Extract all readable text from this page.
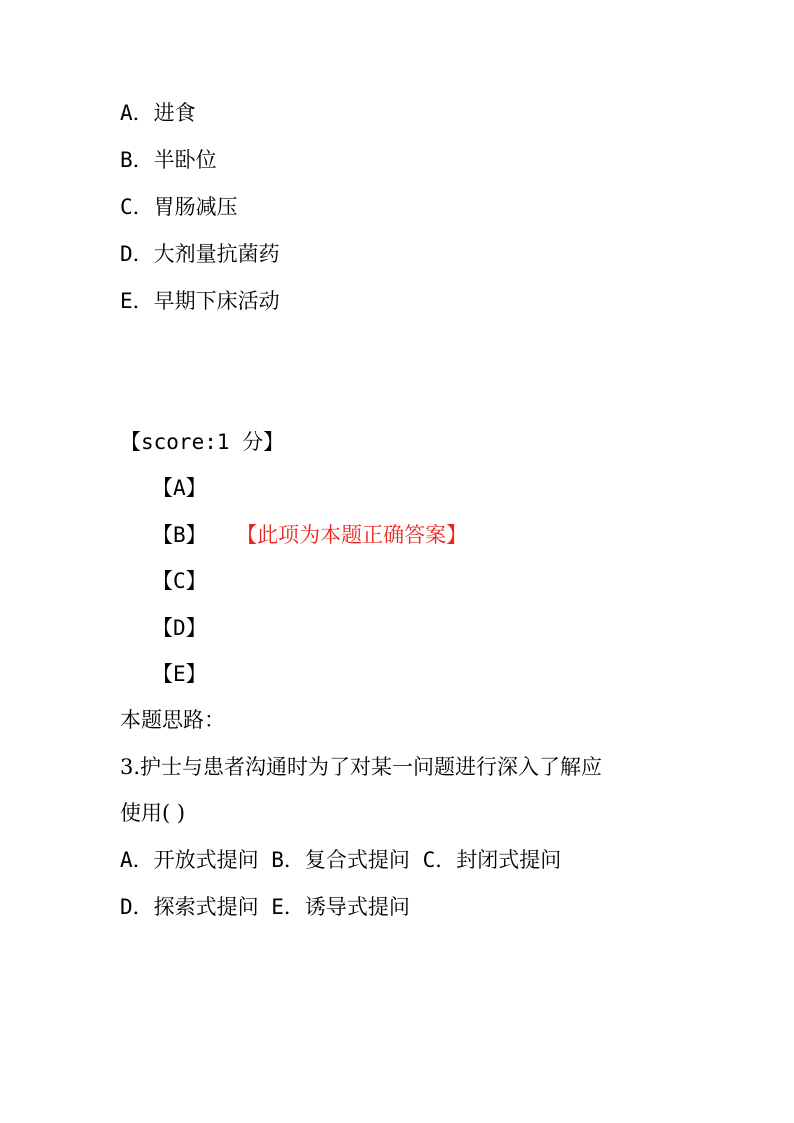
A．进食
B．半卧位
C．胃肠减压
D．大剂量抗菌药
E．早期下床活动
【score:1 分】
【A】
【B】 【此项为本题正确答案】
【C】
【D】
【E】
本题思路：
3.护士与患者沟通时为了对某一问题进行深入了解应
使用( )
A．开放式提问 B．复合式提问 C．封闭式提问
D．探索式提问 E．诱导式提问
